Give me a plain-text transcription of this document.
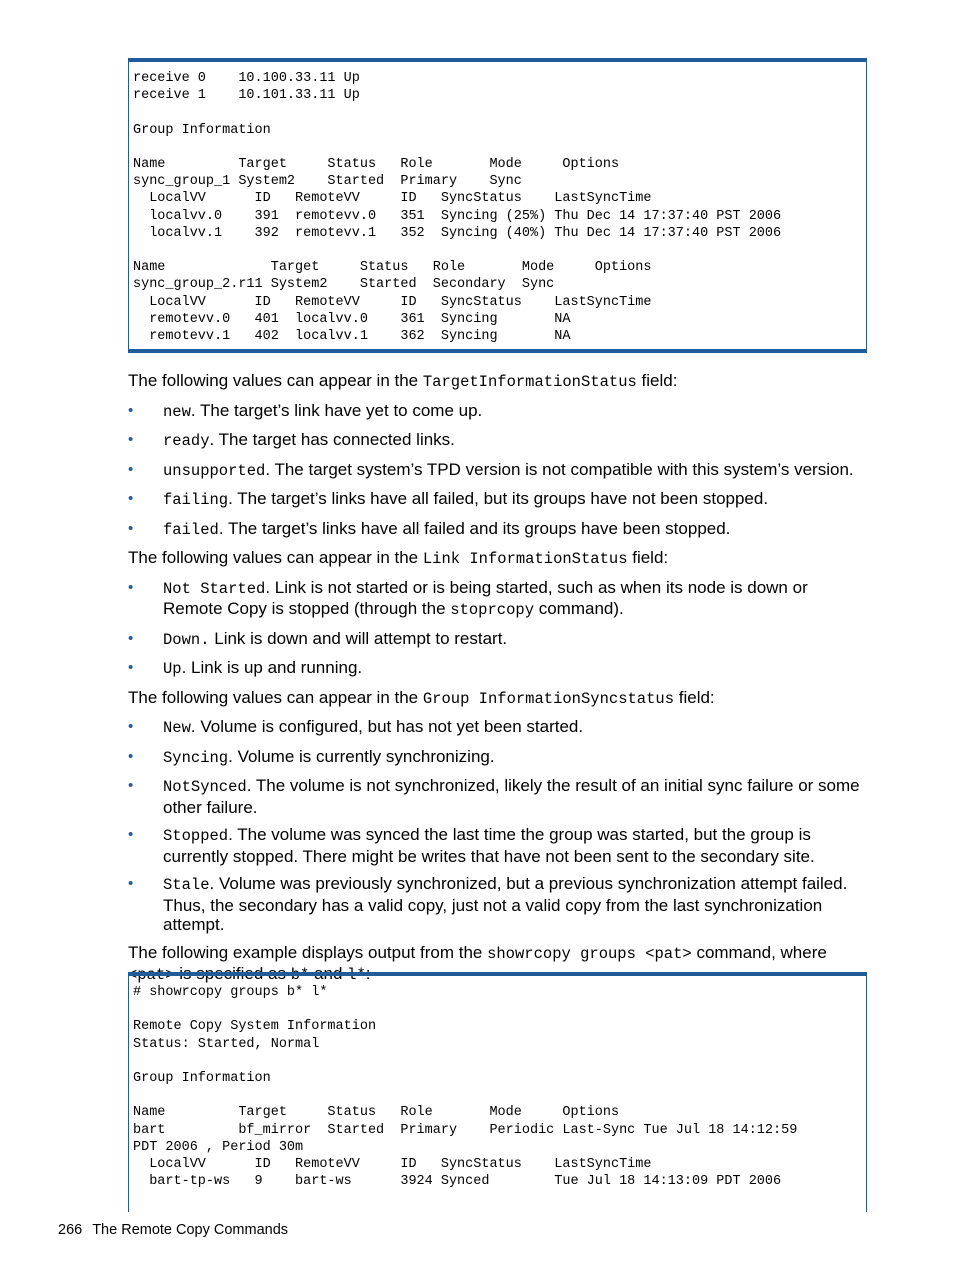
receive 0    10.100.33.11 Up
receive 1    10.101.33.11 Up

Group Information

Name         Target     Status   Role       Mode     Options
sync_group_1 System2    Started  Primary    Sync
LocalVV      ID   RemoteVV     ID   SyncStatus    LastSyncTime
localvv.0    391  remotevv.0   351  Syncing (25%) Thu Dec 14 17:37:40 PST 2006
localvv.1    392  remotevv.1   352  Syncing (40%) Thu Dec 14 17:37:40 PST 2006

Name             Target     Status   Role       Mode     Options
sync_group_2.r11 System2    Started  Secondary  Sync
LocalVV      ID   RemoteVV     ID   SyncStatus    LastSyncTime
remotevv.0   401  localvv.0    361  Syncing       NA
remotevv.1   402  localvv.1    362  Syncing       NA

The following values can appear in the TargetInformationStatus field:

• new. The target’s link have yet to come up.
• ready. The target has connected links.
• unsupported. The target system’s TPD version is not compatible with this system’s version.
• failing. The target’s links have all failed, but its groups have not been stopped.
• failed. The target’s links have all failed and its groups have been stopped.

The following values can appear in the Link InformationStatus field:

• Not Started. Link is not started or is being started, such as when its node is down or Remote Copy is stopped (through the stoprcopy command).
• Down. Link is down and will attempt to restart.
• Up. Link is up and running.

The following values can appear in the Group InformationSyncstatus field:

• New. Volume is configured, but has not yet been started.
• Syncing. Volume is currently synchronizing.
• NotSynced. The volume is not synchronized, likely the result of an initial sync failure or some other failure.
• Stopped. The volume was synced the last time the group was started, but the group is currently stopped. There might be writes that have not been sent to the secondary site.
• Stale. Volume was previously synchronized, but a previous synchronization attempt failed. Thus, the secondary has a valid copy, just not a valid copy from the last synchronization attempt.

The following example displays output from the showrcopy groups <pat> command, where <pat> is specified as b* and l*:

# showrcopy groups b* l*

Remote Copy System Information
Status: Started, Normal

Group Information

Name         Target     Status   Role       Mode     Options
bart         bf_mirror  Started  Primary    Periodic Last-Sync Tue Jul 18 14:12:59
PDT 2006 , Period 30m
LocalVV      ID   RemoteVV     ID   SyncStatus    LastSyncTime
bart-tp-ws   9    bart-ws      3924 Synced        Tue Jul 18 14:13:09 PDT 2006
266 The Remote Copy Commands
